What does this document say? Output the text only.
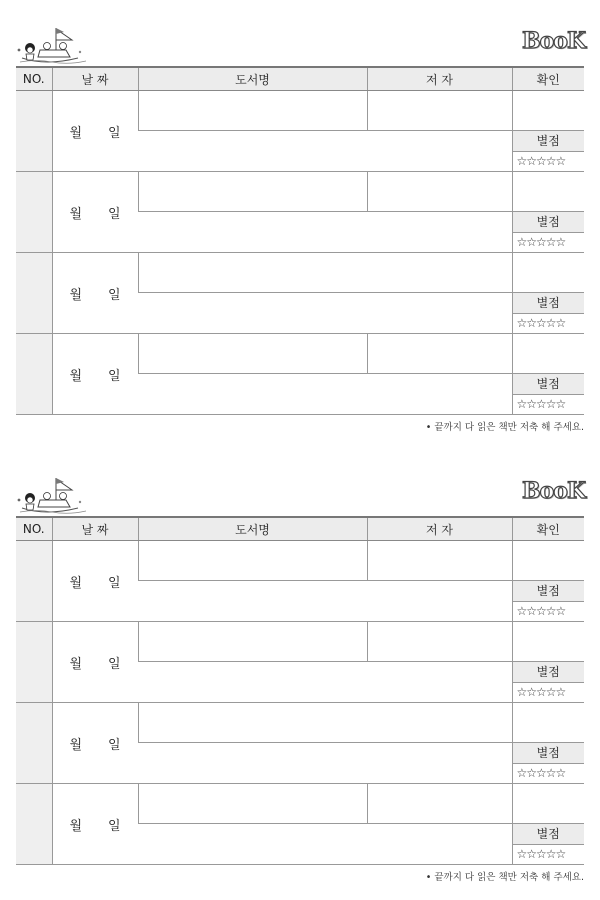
BooK
NO.	날 짜	도서명	저 자	확인
	월 일			

				별점
☆☆☆☆☆

	월 일			

				별점
☆☆☆☆☆

	월 일			

				별점
☆☆☆☆☆

	월 일			

				별점
☆☆☆☆☆
• 끝까지 다 읽은 책만 저축 해 주세요.
BooK
NO.	날 짜	도서명	저 자	확인
	월 일			

				별점
☆☆☆☆☆

	월 일			

				별점
☆☆☆☆☆

	월 일			

				별점
☆☆☆☆☆

	월 일			

				별점
☆☆☆☆☆
• 끝까지 다 읽은 책만 저축 해 주세요.
